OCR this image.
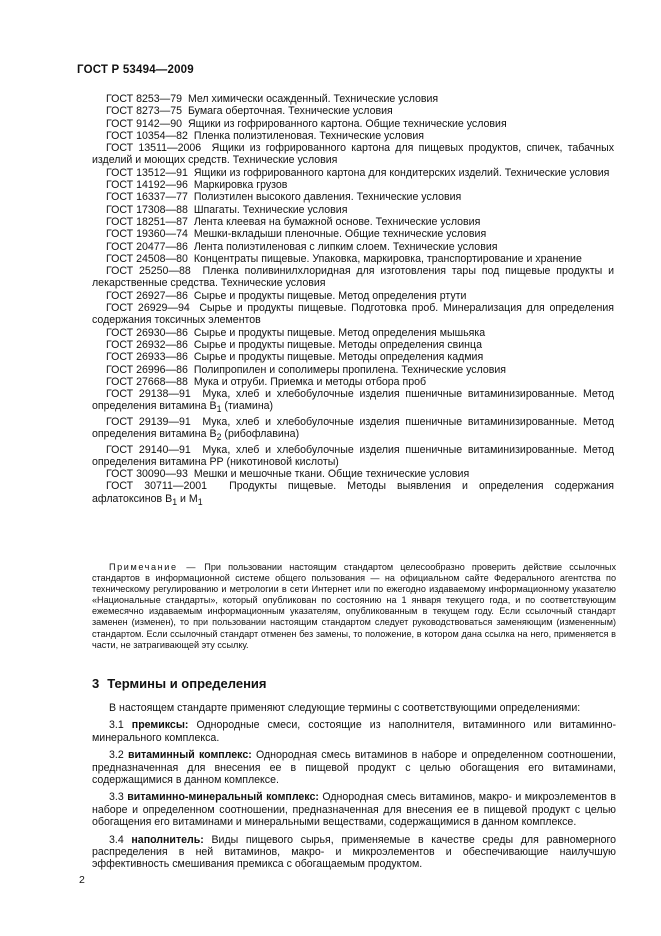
ГОСТ Р 53494—2009

ГОСТ 8253—79 Мел химически осажденный. Технические условия

ГОСТ 8273—75 Бумага оберточная. Технические условия

ГОСТ 9142—90 Ящики из гофрированного картона. Общие технические условия

ГОСТ 10354—82 Пленка полиэтиленовая. Технические условия

ГОСТ 13511—2006 Ящики из гофрированного картона для пищевых продуктов, спичек, табачных изделий и моющих средств. Технические условия

ГОСТ 13512—91 Ящики из гофрированного картона для кондитерских изделий. Технические условия

ГОСТ 14192—96 Маркировка грузов

ГОСТ 16337—77 Полиэтилен высокого давления. Технические условия

ГОСТ 17308—88 Шпагаты. Технические условия

ГОСТ 18251—87 Лента клеевая на бумажной основе. Технические условия

ГОСТ 19360—74 Мешки-вкладыши пленочные. Общие технические условия

ГОСТ 20477—86 Лента полиэтиленовая с липким слоем. Технические условия

ГОСТ 24508—80 Концентраты пищевые. Упаковка, маркировка, транспортирование и хранение

ГОСТ 25250—88 Пленка поливинилхлоридная для изготовления тары под пищевые продукты и лекарственные средства. Технические условия

ГОСТ 26927—86 Сырье и продукты пищевые. Метод определения ртути

ГОСТ 26929—94 Сырье и продукты пищевые. Подготовка проб. Минерализация для определения содержания токсичных элементов

ГОСТ 26930—86 Сырье и продукты пищевые. Метод определения мышьяка

ГОСТ 26932—86 Сырье и продукты пищевые. Методы определения свинца

ГОСТ 26933—86 Сырье и продукты пищевые. Методы определения кадмия

ГОСТ 26996—86 Полипропилен и сополимеры пропилена. Технические условия

ГОСТ 27668—88 Мука и отруби. Приемка и методы отбора проб

ГОСТ 29138—91 Мука, хлеб и хлебобулочные изделия пшеничные витаминизированные. Метод определения витамина $В_1$ (тиамина)

ГОСТ 29139—91 Мука, хлеб и хлебобулочные изделия пшеничные витаминизированные. Метод определения витамина $В_2$ (рибофлавина)

ГОСТ 29140—91 Мука, хлеб и хлебобулочные изделия пшеничные витаминизированные. Метод определения витамина РР (никотиновой кислоты)

ГОСТ 30090—93 Мешки и мешочные ткани. Общие технические условия

ГОСТ 30711—2001 Продукты пищевые. Методы выявления и определения содержания афлатоксинов $В_1$ и $М_1$

Примечание — При пользовании настоящим стандартом целесообразно проверить действие ссылочных стандартов в информационной системе общего пользования — на официальном сайте Федерального агентства по техническому регулированию и метрологии в сети Интернет или по ежегодно издаваемому информационному указателю «Национальные стандарты», который опубликован по состоянию на 1 января текущего года, и по соответствующим ежемесячно издаваемым информационным указателям, опубликованным в текущем году. Если ссылочный стандарт заменен (изменен), то при пользовании настоящим стандартом следует руководствоваться заменяющим (измененным) стандартом. Если ссылочный стандарт отменен без замены, то положение, в котором дана ссылка на него, применяется в части, не затрагивающей эту ссылку.
3 Термины и определения

В настоящем стандарте применяют следующие термины с соответствующими определениями:

3.1 премиксы: Однородные смеси, состоящие из наполнителя, витаминного или витаминно-минерального комплекса.

3.2 витаминный комплекс: Однородная смесь витаминов в наборе и определенном соотношении, предназначенная для внесения ее в пищевой продукт с целью обогащения его витаминами, содержащимися в данном комплексе.

3.3 витаминно-минеральный комплекс: Однородная смесь витаминов, макро- и микроэлементов в наборе и определенном соотношении, предназначенная для внесения ее в пищевой продукт с целью обогащения его витаминами и минеральными веществами, содержащимися в данном комплексе.

3.4 наполнитель: Виды пищевого сырья, применяемые в качестве среды для равномерного распределения в ней витаминов, макро- и микроэлементов и обеспечивающие наилучшую эффективность смешивания премикса с обогащаемым продуктом.

2
